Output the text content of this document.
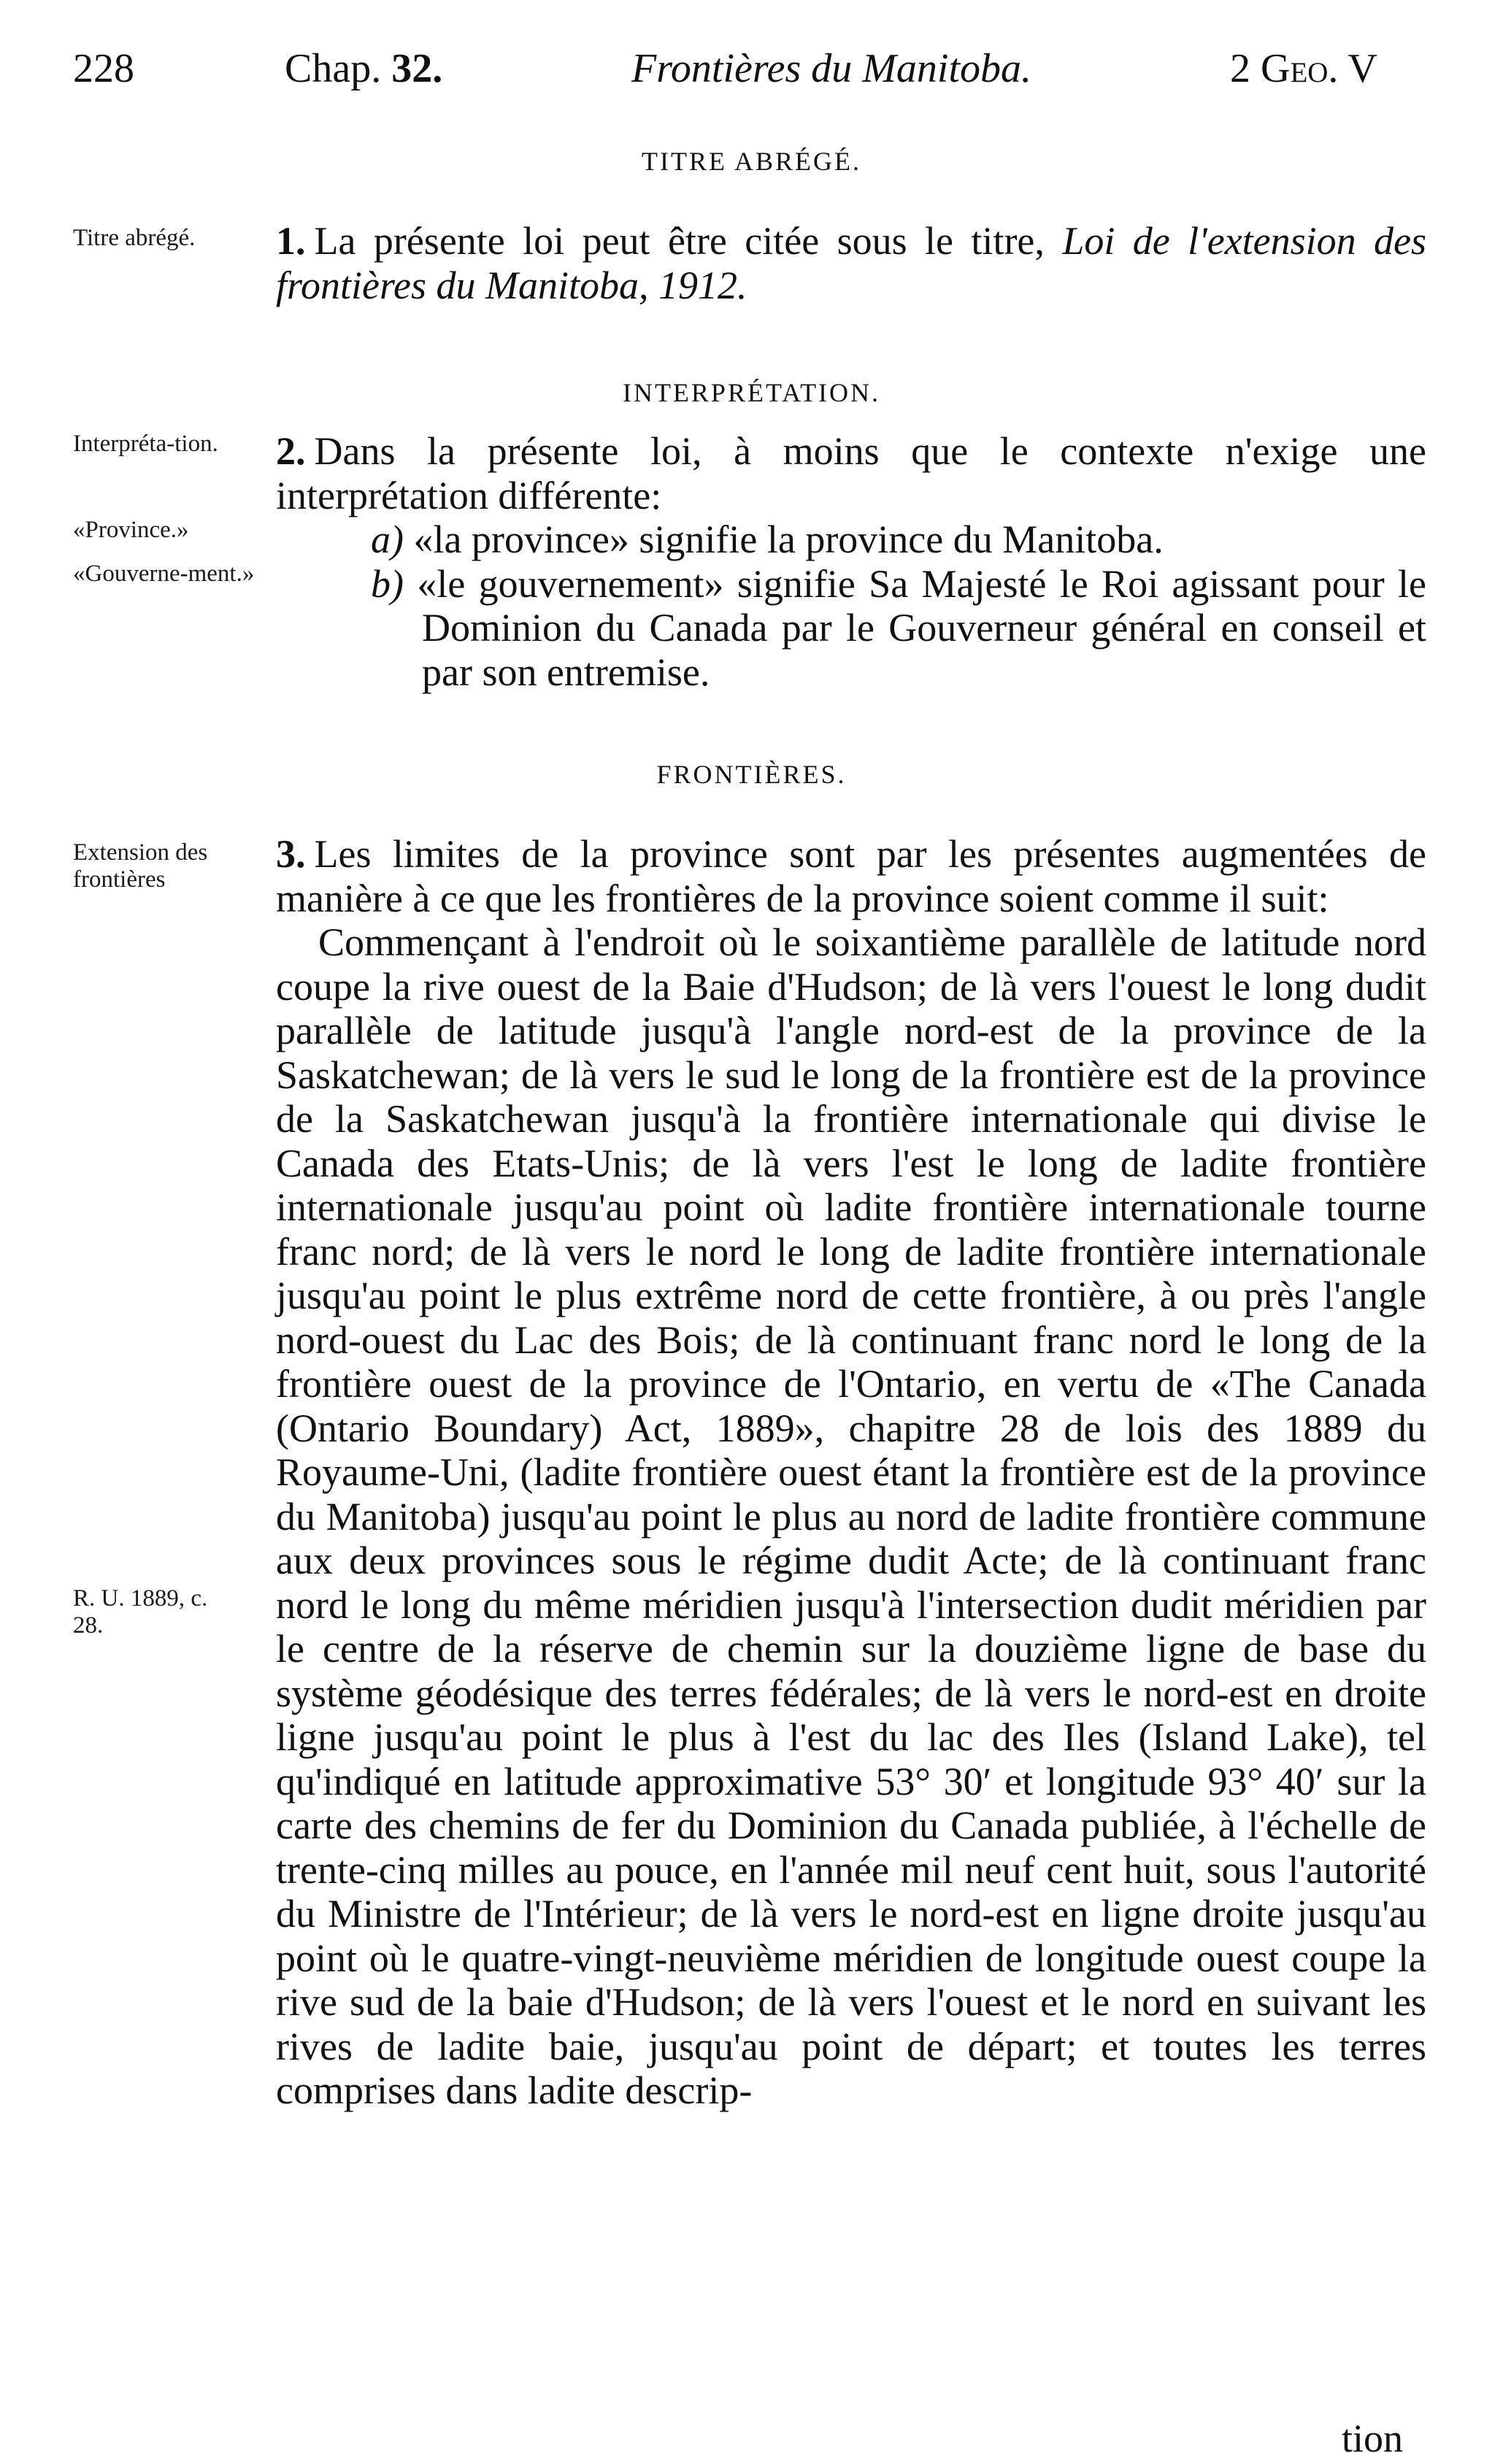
228	Chap. 32.	Frontières du Manitoba.	2 Geo. V
TITRE ABRÉGÉ.
Titre abrégé.	1. La présente loi peut être citée sous le titre, Loi de l'extension des frontières du Manitoba, 1912.

INTERPRÉTATION.
Interpréta-tion.
«Province.»
«Gouverne-ment.»

2. Dans la présente loi, à moins que le contexte n'exige une interprétation différente:

a) «la province» signifie la province du Manitoba.

b) «le gouvernement» signifie Sa Majesté le Roi agissant pour le Dominion du Canada par le Gouverneur général en conseil et par son entremise.

FRONTIÈRES.
Extension des frontières
R. U. 1889, c. 28.

3. Les limites de la province sont par les présentes augmentées de manière à ce que les frontières de la province soient comme il suit:

Commençant à l'endroit où le soixantième parallèle de latitude nord coupe la rive ouest de la Baie d'Hudson; de là vers l'ouest le long dudit parallèle de latitude jusqu'à l'angle nord-est de la province de la Saskatchewan; de là vers le sud le long de la frontière est de la province de la Saskatchewan jusqu'à la frontière internationale qui divise le Canada des Etats-Unis; de là vers l'est le long de ladite frontière internationale jusqu'au point où ladite frontière internationale tourne franc nord; de là vers le nord le long de ladite frontière internationale jusqu'au point le plus extrême nord de cette frontière, à ou près l'angle nord-ouest du Lac des Bois; de là continuant franc nord le long de la frontière ouest de la province de l'Ontario, en vertu de «The Canada (Ontario Boundary) Act, 1889», chapitre 28 de lois des 1889 du Royaume-Uni, (ladite frontière ouest étant la frontière est de la province du Manitoba) jusqu'au point le plus au nord de ladite frontière commune aux deux provinces sous le régime dudit Acte; de là continuant franc nord le long du même méridien jusqu'à l'intersection dudit méridien par le centre de la réserve de chemin sur la douzième ligne de base du système géodésique des terres fédérales; de là vers le nord-est en droite ligne jusqu'au point le plus à l'est du lac des Iles (Island Lake), tel qu'indiqué en latitude approximative 53° 30′ et longitude 93° 40′ sur la carte des chemins de fer du Dominion du Canada publiée, à l'échelle de trente-cinq milles au pouce, en l'année mil neuf cent huit, sous l'autorité du Ministre de l'Intérieur; de là vers le nord-est en ligne droite jusqu'au point où le quatre-vingt-neuvième méridien de longitude ouest coupe la rive sud de la baie d'Hudson; de là vers l'ouest et le nord en suivant les rives de ladite baie, jusqu'au point de départ; et toutes les terres comprises dans ladite descrip-

tion
